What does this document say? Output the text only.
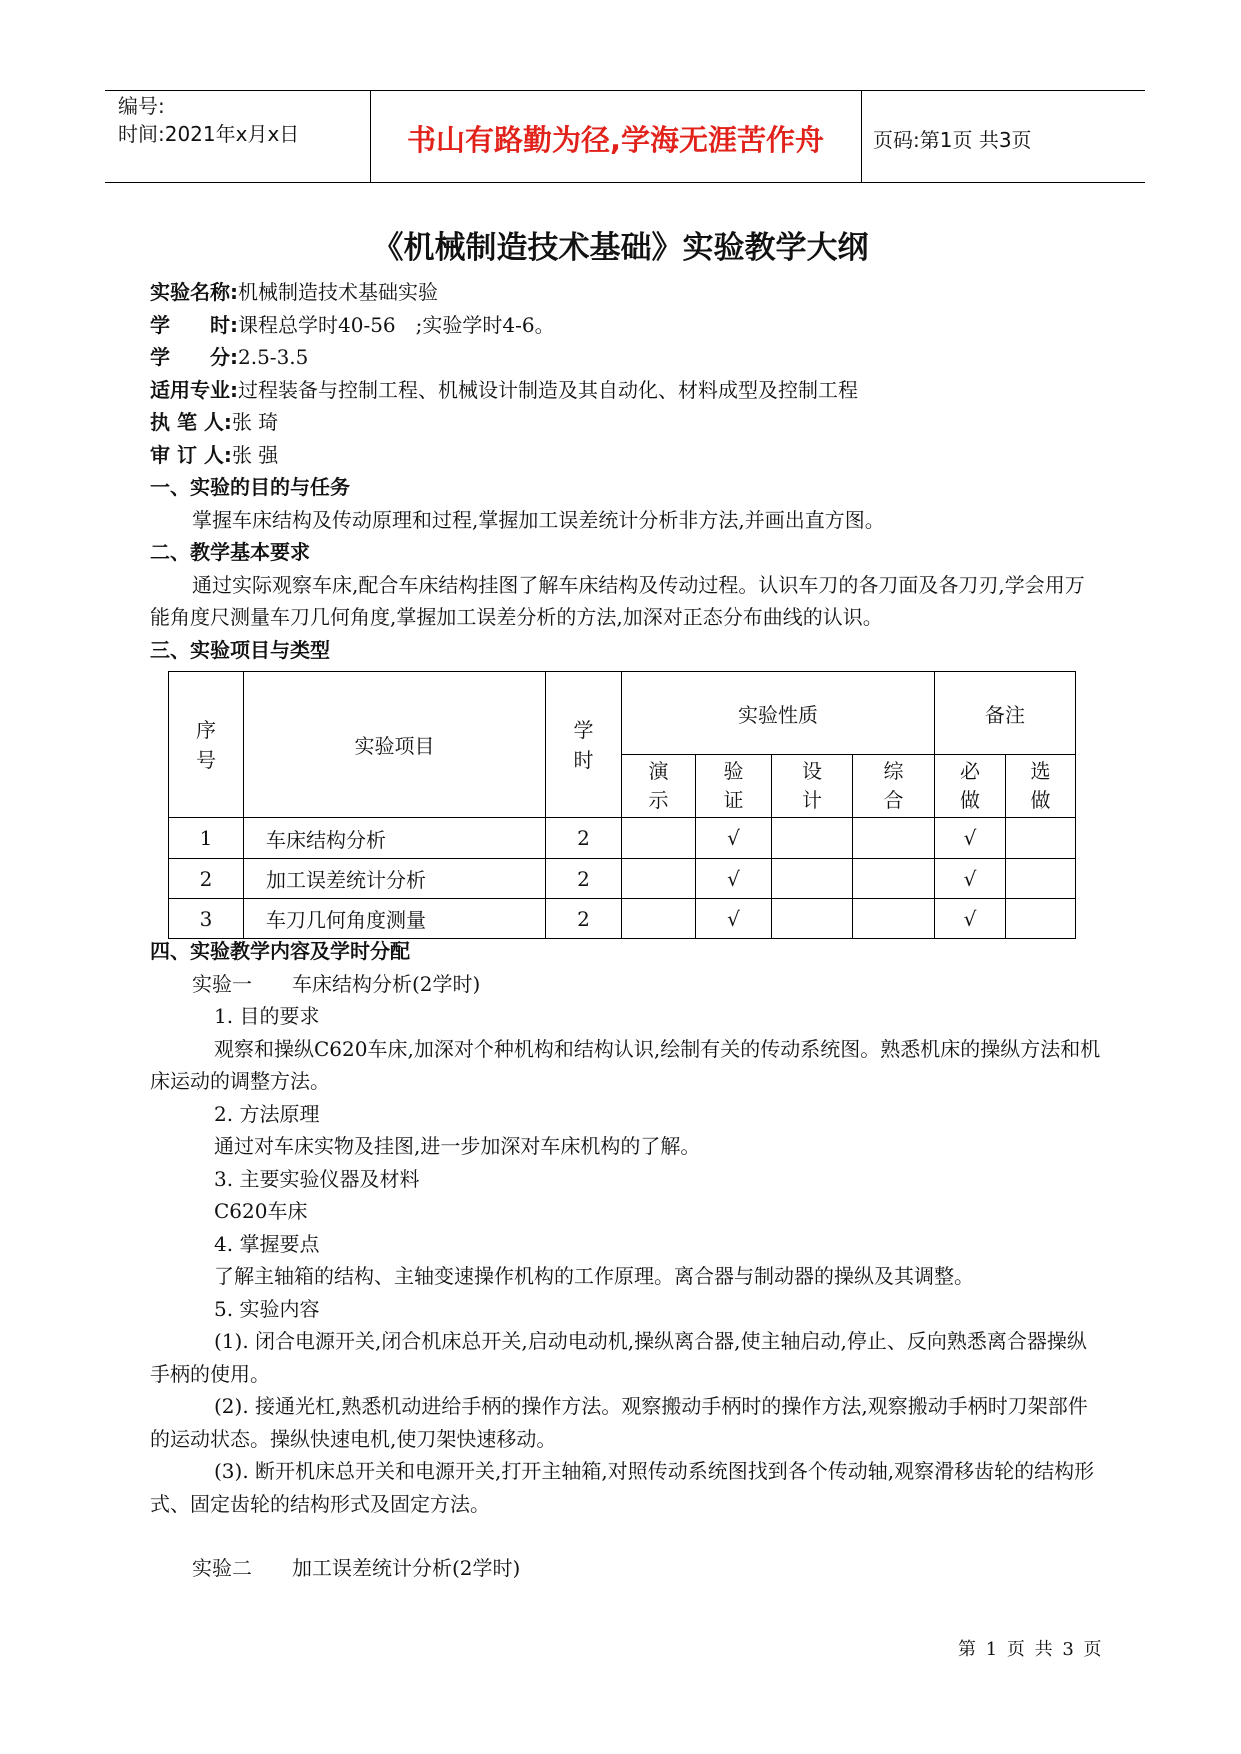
编号:
时间:2021年x月x日	书山有路勤为径,学海无涯苦作舟	页码:第1页 共3页
《机械制造技术基础》实验教学大纲
实验名称:机械制造技术基础实验
学　　时:课程总学时40-56　;实验学时4-6。
学　　分:2.5-3.5
适用专业:过程装备与控制工程、机械设计制造及其自动化、材料成型及控制工程
执 笔 人:张 琦
审 订 人:张 强
一、实验的目的与任务
掌握车床结构及传动原理和过程,掌握加工误差统计分析非方法,并画出直方图。
二、教学基本要求
通过实际观察车床,配合车床结构挂图了解车床结构及传动过程。认识车刀的各刀面及各刀刃,学会用万能角度尺测量车刀几何角度,掌握加工误差分析的方法,加深对正态分布曲线的认识。
三、实验项目与类型
序号	实验项目	学时	实验性质				备注	

			演示	验证	设计	综合	必做	选做

1	车床结构分析	2		√			√	
2	加工误差统计分析	2		√			√	
3	车刀几何角度测量	2		√			√	
四、实验教学内容及学时分配
实验一　　车床结构分析(2学时)
1. 目的要求
观察和操纵C620车床,加深对个种机构和结构认识,绘制有关的传动系统图。熟悉机床的操纵方法和机床运动的调整方法。
2. 方法原理
通过对车床实物及挂图,进一步加深对车床机构的了解。
3. 主要实验仪器及材料
C620车床
4. 掌握要点
了解主轴箱的结构、主轴变速操作机构的工作原理。离合器与制动器的操纵及其调整。
5. 实验内容
(1). 闭合电源开关,闭合机床总开关,启动电动机,操纵离合器,使主轴启动,停止、反向熟悉离合器操纵手柄的使用。
(2). 接通光杠,熟悉机动进给手柄的操作方法。观察搬动手柄时的操作方法,观察搬动手柄时刀架部件的运动状态。操纵快速电机,使刀架快速移动。
(3). 断开机床总开关和电源开关,打开主轴箱,对照传动系统图找到各个传动轴,观察滑移齿轮的结构形式、固定齿轮的结构形式及固定方法。
实验二　　加工误差统计分析(2学时)
第 1 页 共 3 页
